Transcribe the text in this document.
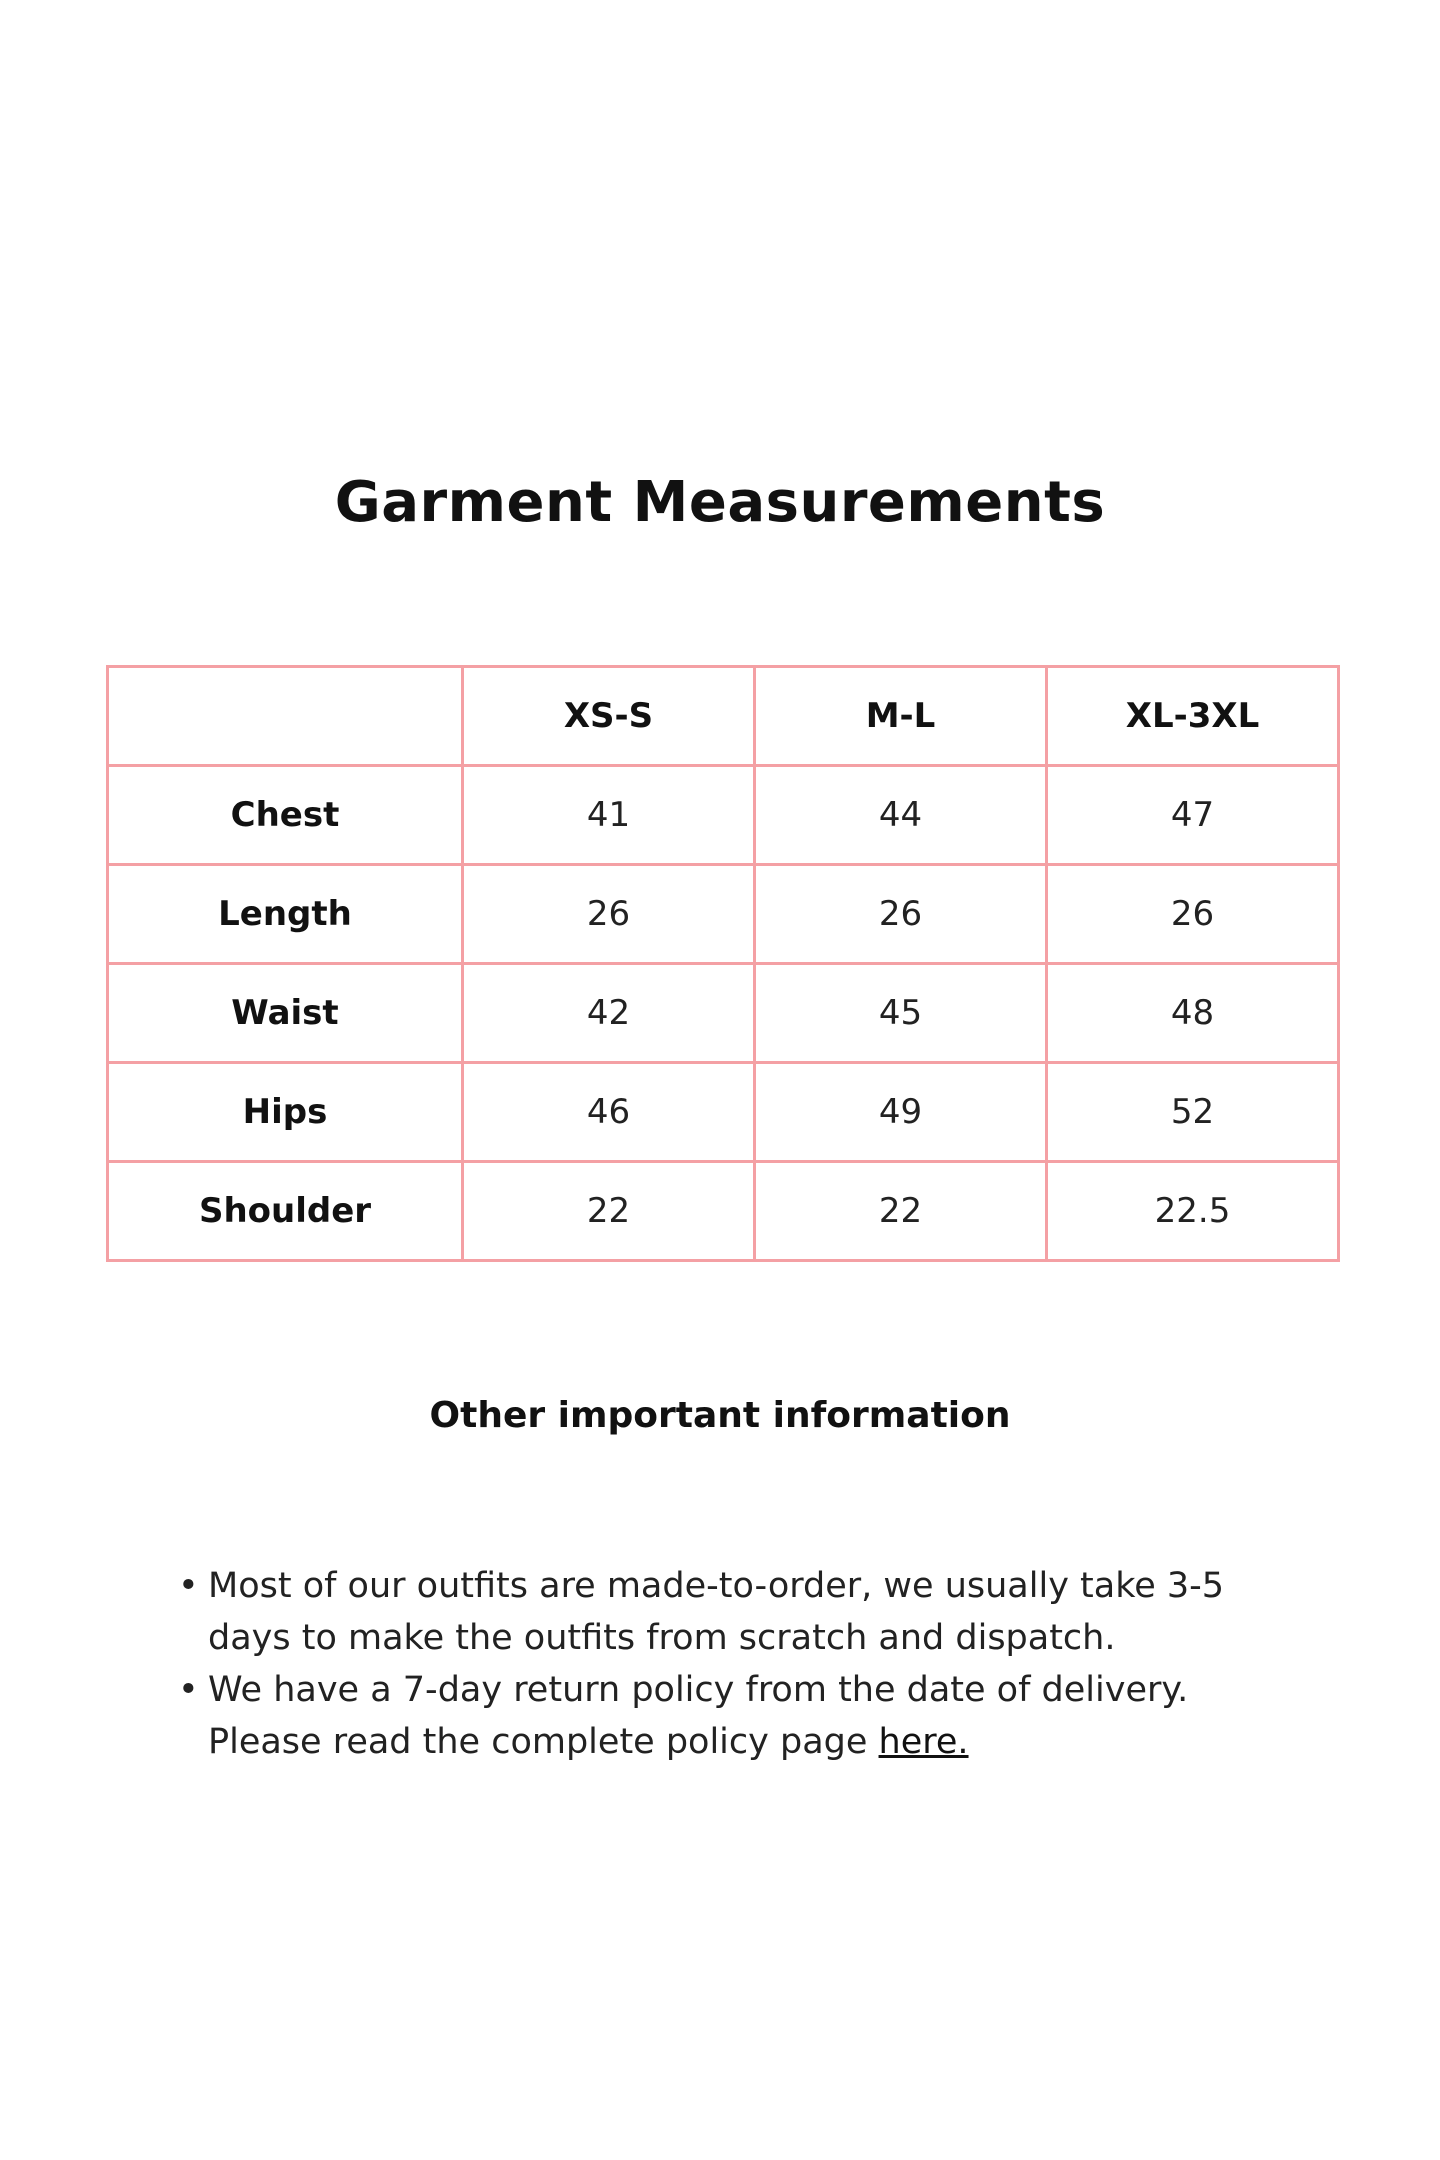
Garment Measurements
	XS-S	M-L	XL-3XL
Chest	41	44	47
Length	26	26	26
Waist	42	45	48
Hips	46	49	52
Shoulder	22	22	22.5
Other important information
• Most of our outfits are made-to-order, we usually take 3-5 days to make the outfits from scratch and dispatch.
• We have a 7-day return policy from the date of delivery. Please read the complete policy page here.
